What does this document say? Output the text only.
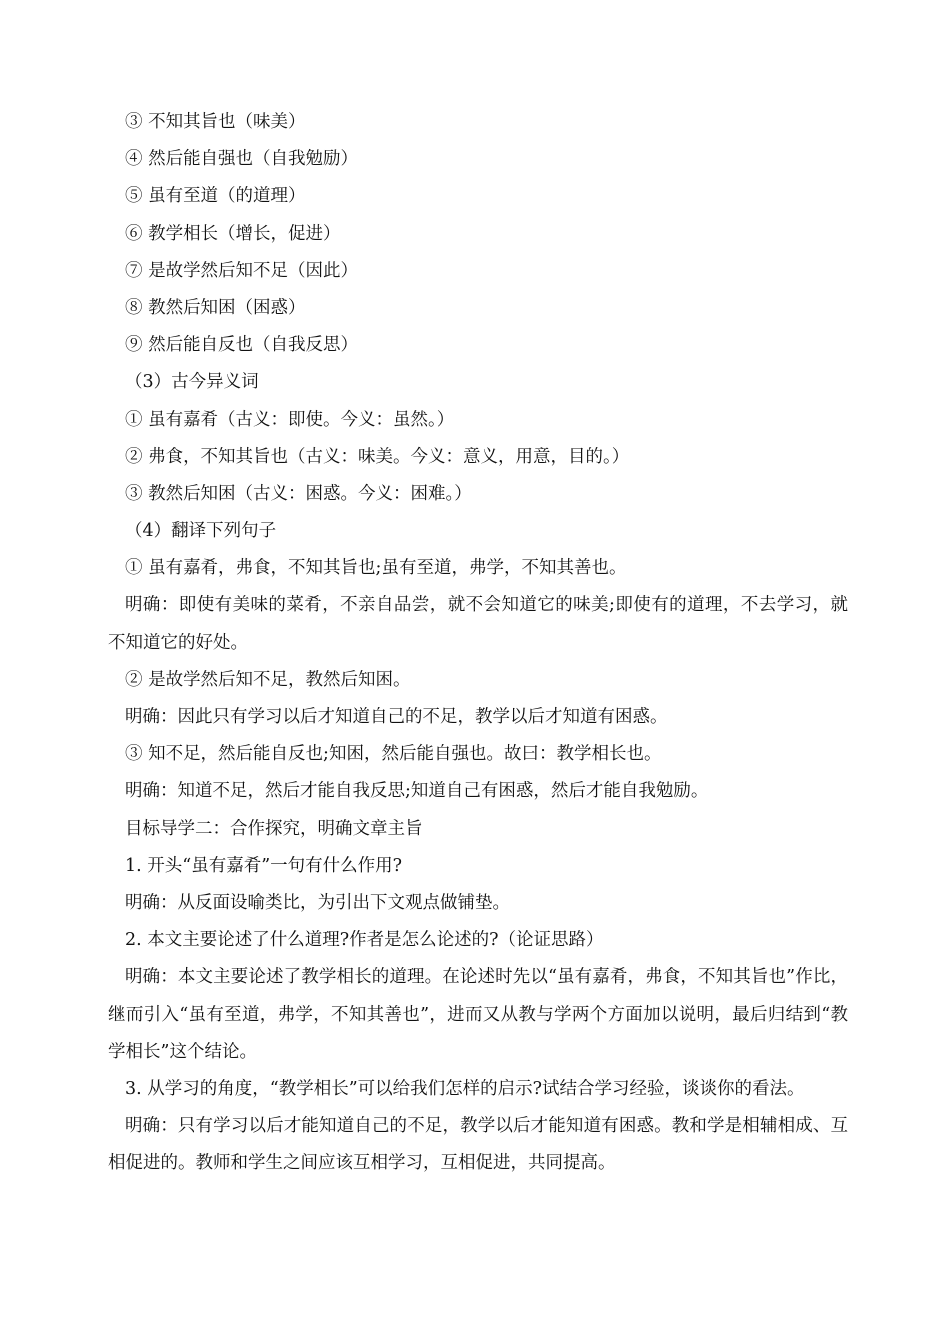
③ 不知其旨也（味美）
④ 然后能自强也（自我勉励）
⑤ 虽有至道（的道理）
⑥ 教学相长（增长，促进）
⑦ 是故学然后知不足（因此）
⑧ 教然后知困（困惑）
⑨ 然后能自反也（自我反思）
（3）古今异义词
① 虽有嘉肴（古义：即使。今义：虽然。）
② 弗食，不知其旨也（古义：味美。今义：意义，用意，目的。）
③ 教然后知困（古义：困惑。今义：困难。）
（4）翻译下列句子
① 虽有嘉肴，弗食，不知其旨也;虽有至道，弗学，不知其善也。
明确：即使有美味的菜肴，不亲自品尝，就不会知道它的味美;即使有的道理，不去学习，就不知道它的好处。
② 是故学然后知不足，教然后知困。
明确：因此只有学习以后才知道自己的不足，教学以后才知道有困惑。
③ 知不足，然后能自反也;知困，然后能自强也。故曰：教学相长也。
明确：知道不足，然后才能自我反思;知道自己有困惑，然后才能自我勉励。
目标导学二：合作探究，明确文章主旨
1. 开头“虽有嘉肴”一句有什么作用?
明确：从反面设喻类比，为引出下文观点做铺垫。
2. 本文主要论述了什么道理?作者是怎么论述的?（论证思路）
明确：本文主要论述了教学相长的道理。在论述时先以“虽有嘉肴，弗食，不知其旨也”作比，继而引入“虽有至道，弗学，不知其善也”，进而又从教与学两个方面加以说明，最后归结到“教学相长”这个结论。
3. 从学习的角度，“教学相长”可以给我们怎样的启示?试结合学习经验，谈谈你的看法。
明确：只有学习以后才能知道自己的不足，教学以后才能知道有困惑。教和学是相辅相成、互相促进的。教师和学生之间应该互相学习，互相促进，共同提高。
